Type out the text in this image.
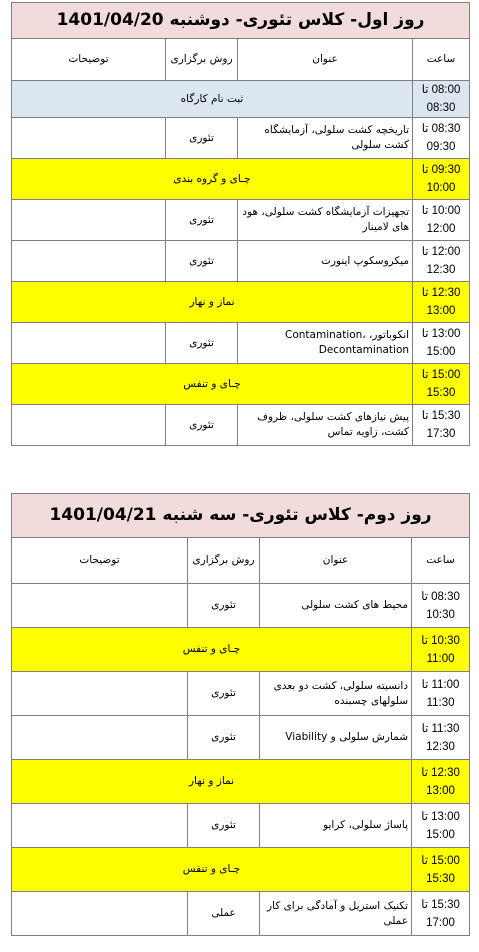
روز اول- کلاس تئوری- دوشنبه 1401/04/20			
ساعت	عنوان	روش برگزاری	توضیحات

08:00 تا
08:30	ثبت نام کارگاه		

08:30 تا
09:30	تاریخچه کشت سلولی، آزمایشگاه کشت سلولی	تئوری	

09:30 تا
10:00	چـای و گروه بندی		

10:00 تا
12:00	تجهیزات آزمایشگاه کشت سلولی، هود های لامینار	تئوری	

12:00 تا
12:30	میکروسکوپ اینورت	تئوری	

12:30 تا
13:00	نماز و نهار		

13:00 تا
15:00	انکوباتور، Contamination، Decontamination	تئوری	

15:00 تا
15:30	چـای و تنفس		

15:30 تا
17:30	پیش نیازهای کشت سلولی، ظروف کشت، زاویه تماس	تئوری	
روز دوم- کلاس تئوری- سه شنبه 1401/04/21			
ساعت	عنوان	روش برگزاری	توضیحات

08:30 تا
10:30	محیط های کشت سلولی	تئوری	

10:30 تا
11:00	چـای و تنفس		

11:00 تا
11:30	دانسیته سلولی، کشت دو بعدی سلولهای چسبنده	تئوری	

11:30 تا
12:30	شمارش سلولی و Viability	تئوری	

12:30 تا
13:00	نماز و نهار		

13:00 تا
15:00	پاساژ سلولی، کرایو	تئوری	

15:00 تا
15:30	چـای و تنفس		

15:30 تا
17:00	تکنیک استریل و آمادگی برای کار عملی	عملی	
